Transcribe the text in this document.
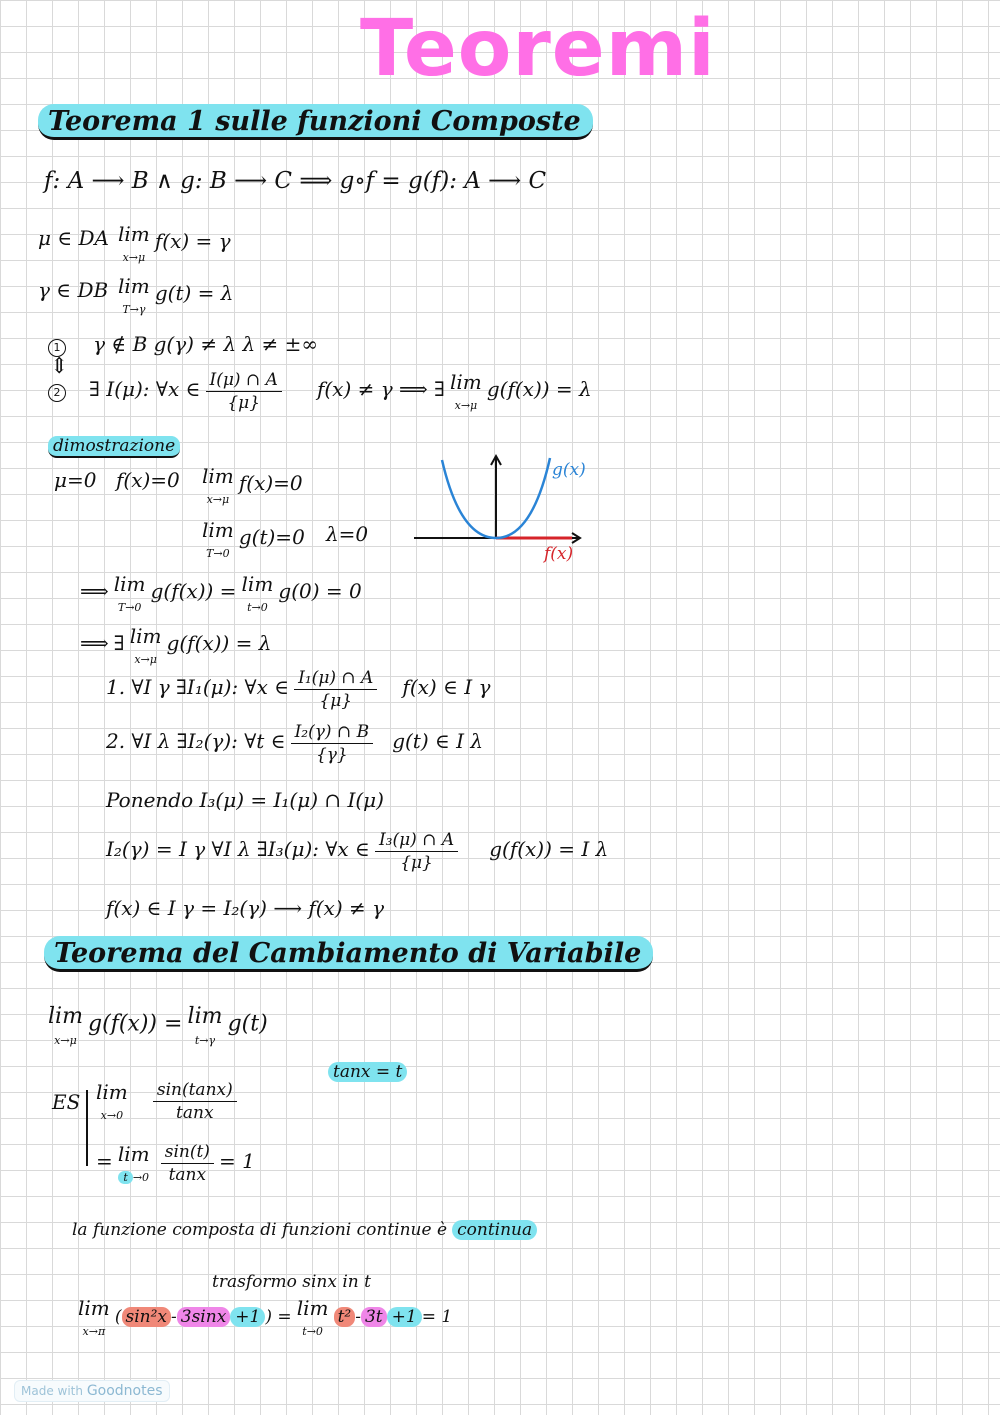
Teoremi
Teorema 1 sulle funzioni Composte
f: A ⟶ B ∧ g: B ⟶ C ⟹ g∘f = g(f): A ⟶ C
μ ∈ DA lim
x→μ f(x) = γ
γ ∈ DB lim
T→γ g(t) = λ
1 γ ∉ B g(γ) ≠ λ λ ≠ ±∞
⇕
2 ∃ I(μ): ∀x ∈ $\frac{I(\mu) \cap A}{\{\mu\}} f(x) \ne \gamma$ ⟹ ∃ lim
x→μ g(f(x)) = λ
dimostrazione
μ=0 f(x)=0 lim
x→μ f(x)=0
lim
T→0 g(t)=0 λ=0
⟹ lim
T→0 g(f(x)) = lim
t→0 g(0) = 0
⟹ ∃ lim
x→μ g(f(x)) = λ
1. ∀I γ ∃I₁(μ): ∀x ∈ $\frac{\text{I₁(μ) ∩ A}}{\{\mu\}} f(x)$ ∈ I γ
2. ∀I λ ∃I₂(γ): ∀t ∈ $\frac{\text{I₂(γ) ∩ B}}{\{\gamma\}} g(t)$ ∈ I λ
Ponendo I₃(μ) = I₁(μ) ∩ I(μ)
I₂(γ) = I γ ∀I λ ∃I₃(μ): ∀x ∈ $\frac{\text{I₃(μ) ∩ A}}{\{\mu\}} g(f(x)) = I$ λ
f(x) ∈ I γ = I₂(γ) ⟶ f(x) ≠ γ
g(x)
f(x)
Teorema del Cambiamento di Variabile
lim
x→μ g(f(x)) = lim
t→γ g(t)
tanx = t
ES lim
$x\to 0 \frac{\sin(\tan x)}{\tan x}$
= lim
$t \to 0 \frac{\sin(t)}{\tan x} = 1$
la funzione composta di funzioni continue è continua
trasformo sinx in t
lim
x→π ( sin²x - 3sinx +1 ) = lim
t→0 t² - 3t +1 = 1
Made with Goodnotes
